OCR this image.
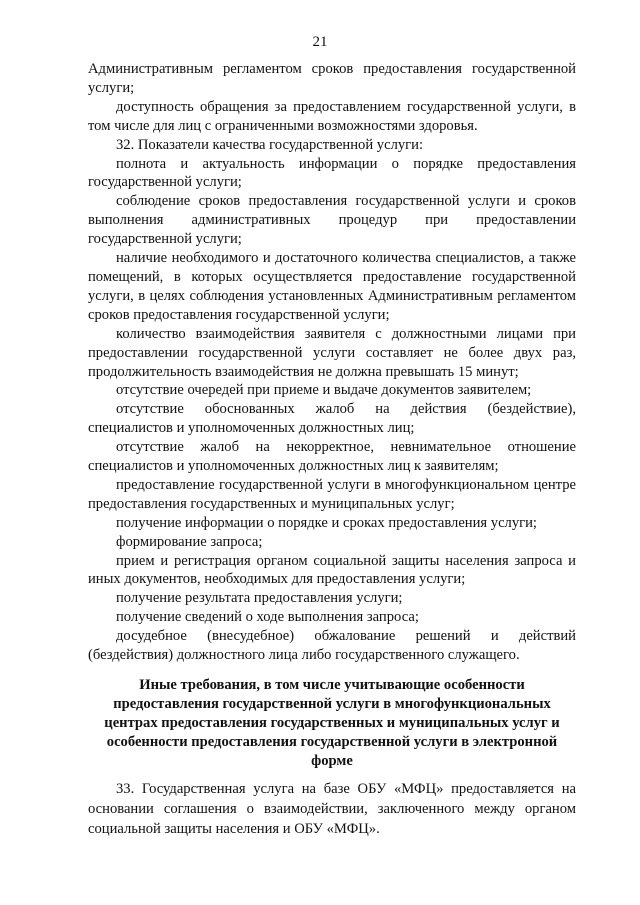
21

Административным регламентом сроков предоставления государственной услуги;

доступность обращения за предоставлением государственной услуги, в том числе для лиц с ограниченными возможностями здоровья.

32. Показатели качества государственной услуги:

полнота и актуальность информации о порядке предоставления государственной услуги;

соблюдение сроков предоставления государственной услуги и сроков выполнения административных процедур при предоставлении государственной услуги;

наличие необходимого и достаточного количества специалистов, а также помещений, в которых осуществляется предоставление государственной услуги, в целях соблюдения установленных Административным регламентом сроков предоставления государственной услуги;

количество взаимодействия заявителя с должностными лицами при предоставлении государственной услуги составляет не более двух раз, продолжительность взаимодействия не должна превышать 15 минут;

отсутствие очередей при приеме и выдаче документов заявителем;

отсутствие обоснованных жалоб на действия (бездействие), специалистов и уполномоченных должностных лиц;

отсутствие жалоб на некорректное, невнимательное отношение специалистов и уполномоченных должностных лиц к заявителям;

предоставление государственной услуги в многофункциональном центре предоставления государственных и муниципальных услуг;

получение информации о порядке и сроках предоставления услуги;

формирование запроса;

прием и регистрация органом социальной защиты населения запроса и иных документов, необходимых для предоставления услуги;

получение результата предоставления услуги;

получение сведений о ходе выполнения запроса;

досудебное (внесудебное) обжалование решений и действий (бездействия) должностного лица либо государственного служащего.

Иные требования, в том числе учитывающие особенности предоставления государственной услуги в многофункциональных центрах предоставления государственных и муниципальных услуг и особенности предоставления государственной услуги в электронной форме

33. Государственная услуга на базе ОБУ «МФЦ» предоставляется на основании соглашения о взаимодействии, заключенного между органом социальной защиты населения и ОБУ «МФЦ».
